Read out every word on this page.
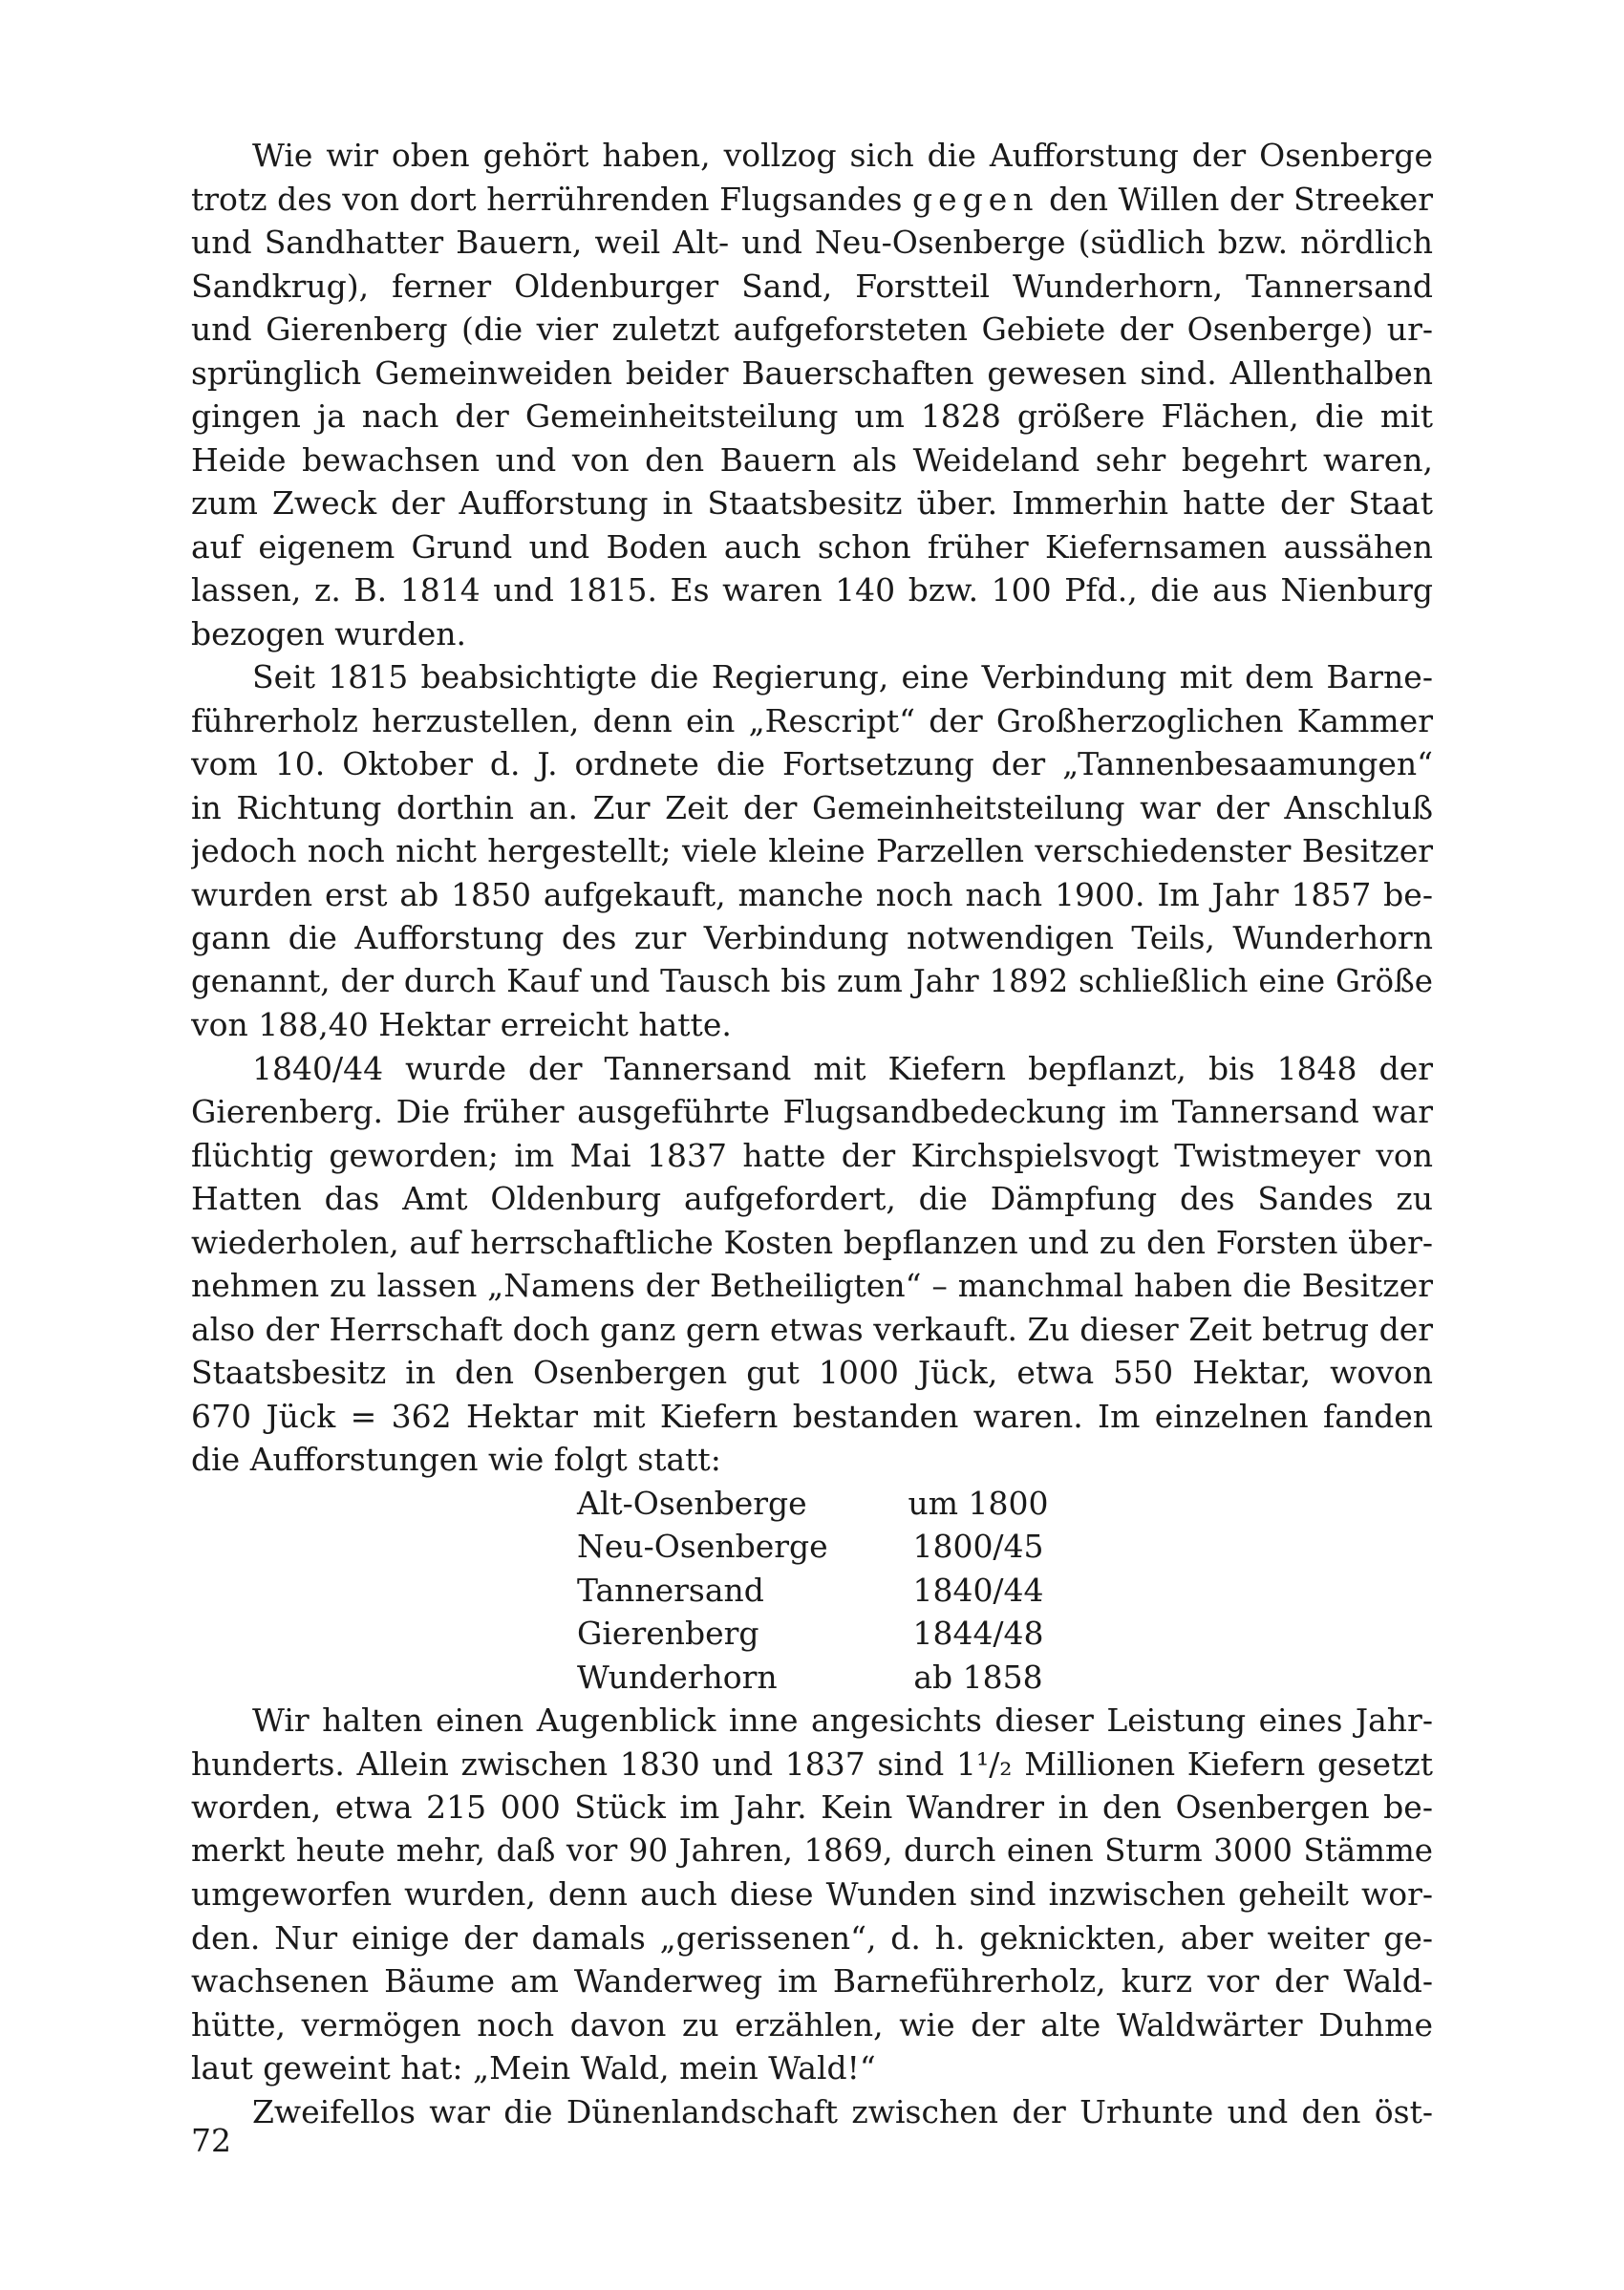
Wie wir oben gehört haben, vollzog sich die Aufforstung der Osenberge
trotz des von dort herrührenden Flugsandes gegen den Willen der Streeker
und Sandhatter Bauern, weil Alt- und Neu-Osenberge (südlich bzw. nördlich
Sandkrug), ferner Oldenburger Sand, Forstteil Wunderhorn, Tannersand
und Gierenberg (die vier zuletzt aufgeforsteten Gebiete der Osenberge) ur-
sprünglich Gemeinweiden beider Bauerschaften gewesen sind. Allenthalben
gingen ja nach der Gemeinheitsteilung um 1828 größere Flächen, die mit
Heide bewachsen und von den Bauern als Weideland sehr begehrt waren,
zum Zweck der Aufforstung in Staatsbesitz über. Immerhin hatte der Staat
auf eigenem Grund und Boden auch schon früher Kiefernsamen aussähen
lassen, z. B. 1814 und 1815. Es waren 140 bzw. 100 Pfd., die aus Nienburg
bezogen wurden.
Seit 1815 beabsichtigte die Regierung, eine Verbindung mit dem Barne-
führerholz herzustellen, denn ein „Rescript“ der Großherzoglichen Kammer
vom 10. Oktober d. J. ordnete die Fortsetzung der „Tannenbesaamungen“
in Richtung dorthin an. Zur Zeit der Gemeinheitsteilung war der Anschluß
jedoch noch nicht hergestellt; viele kleine Parzellen verschiedenster Besitzer
wurden erst ab 1850 aufgekauft, manche noch nach 1900. Im Jahr 1857 be-
gann die Aufforstung des zur Verbindung notwendigen Teils, Wunderhorn
genannt, der durch Kauf und Tausch bis zum Jahr 1892 schließlich eine Größe
von 188,40 Hektar erreicht hatte.
1840/44 wurde der Tannersand mit Kiefern bepflanzt, bis 1848 der
Gierenberg. Die früher ausgeführte Flugsandbedeckung im Tannersand war
flüchtig geworden; im Mai 1837 hatte der Kirchspielsvogt Twistmeyer von
Hatten das Amt Oldenburg aufgefordert, die Dämpfung des Sandes zu
wiederholen, auf herrschaftliche Kosten bepflanzen und zu den Forsten über-
nehmen zu lassen „Namens der Betheiligten“ – manchmal haben die Besitzer
also der Herrschaft doch ganz gern etwas verkauft. Zu dieser Zeit betrug der
Staatsbesitz in den Osenbergen gut 1000 Jück, etwa 550 Hektar, wovon
670 Jück = 362 Hektar mit Kiefern bestanden waren. Im einzelnen fanden
die Aufforstungen wie folgt statt:
Alt-Osenberge	um 1800
Neu-Osenberge	1800/45
Tannersand	1840/44
Gierenberg	1844/48
Wunderhorn	ab 1858
Wir halten einen Augenblick inne angesichts dieser Leistung eines Jahr-
hunderts. Allein zwischen 1830 und 1837 sind 1¹/₂ Millionen Kiefern gesetzt
worden, etwa 215 000 Stück im Jahr. Kein Wandrer in den Osenbergen be-
merkt heute mehr, daß vor 90 Jahren, 1869, durch einen Sturm 3000 Stämme
umgeworfen wurden, denn auch diese Wunden sind inzwischen geheilt wor-
den. Nur einige der damals „gerissenen“, d. h. geknickten, aber weiter ge-
wachsenen Bäume am Wanderweg im Barneführerholz, kurz vor der Wald-
hütte, vermögen noch davon zu erzählen, wie der alte Waldwärter Duhme
laut geweint hat: „Mein Wald, mein Wald!“
Zweifellos war die Dünenlandschaft zwischen der Urhunte und den öst-
72
